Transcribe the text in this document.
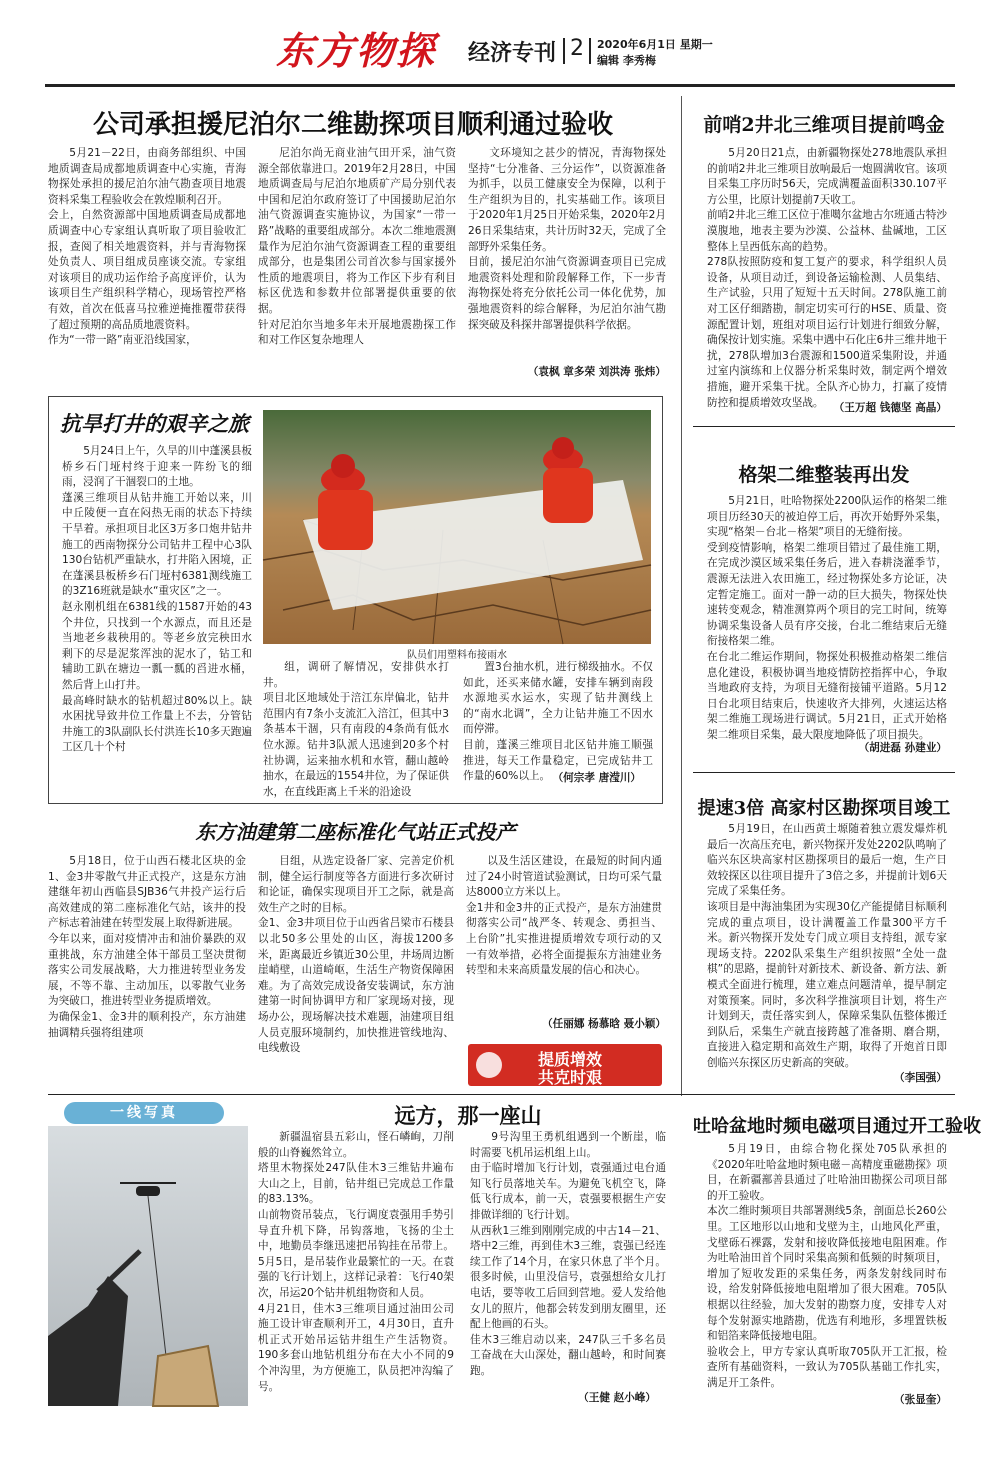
东方物探 经济专刊 2 2020年6月1日 星期一
编辑 李秀梅
公司承担援尼泊尔二维勘探项目顺利通过验收
5月21－22日，由商务部组织、中国地质调查局成都地质调查中心实施，青海物探处承担的援尼泊尔油气勘查项目地震资料采集工程验收会在敦煌顺利召开。
会上，自然资源部中国地质调查局成都地质调查中心专家组认真听取了项目验收汇报，查阅了相关地震资料，并与青海物探处负责人、项目组成员座谈交流。专家组对该项目的成功运作给予高度评价，认为该项目生产组织科学精心，现场管控严格有效，首次在低喜马拉雅逆掩推覆带获得了超过预期的高品质地震资料。
作为“一带一路”南亚沿线国家，
尼泊尔尚无商业油气田开采，油气资源全部依靠进口。2019年2月28日，中国地质调查局与尼泊尔地质矿产局分别代表中国和尼泊尔政府签订了中国援助尼泊尔油气资源调查实施协议，为国家“一带一路”战略的重要组成部分。本次二维地震测量作为尼泊尔油气资源调查工程的重要组成部分，也是集团公司首次参与国家援外性质的地震项目，将为工作区下步有利目标区优选和参数井位部署提供重要的依据。
针对尼泊尔当地多年未开展地震勘探工作和对工作区复杂地理人
文环境知之甚少的情况，青海物探处坚持“七分准备、三分运作”，以资源准备为抓手，以员工健康安全为保障，以利于生产组织为目的，扎实基础工作。该项目于2020年1月25日开始采集，2020年2月26日采集结束，共计历时32天，完成了全部野外采集任务。
目前，援尼泊尔油气资源调查项目已完成地震资料处理和阶段解释工作，下一步青海物探处将充分依托公司一体化优势，加强地震资料的综合解释，为尼泊尔油气勘探突破及科探井部署提供科学依据。
（袁枫 章多荣 刘洪涛 张炜）
前哨2井北三维项目提前鸣金
5月20日21点，由新疆物探处278地震队承担的前哨2井北三维项目放响最后一炮圆满收官。该项目采集工序历时56天，完成满覆盖面积330.107平方公里，比原计划提前7天收工。
前哨2井北三维工区位于准噶尔盆地古尔班通古特沙漠腹地，地表主要为沙漠、公益林、盐碱地，工区整体上呈西低东高的趋势。
278队按照防疫和复工复产的要求，科学组织人员设备，从项目动迁，到设备运输检测、人员集结、生产试验，只用了短短十五天时间。278队施工前对工区仔细踏勘，制定切实可行的HSE、质量、资源配置计划，班组对项目运行计划进行细致分解，确保按计划实施。采集中遇中石化庄6井三维井地干扰，278队增加3台震源和1500道采集附设，并通过室内演练和上仪器分析采集时效，制定两个增效措施，避开采集干扰。全队齐心协力，打赢了疫情防控和提质增效攻坚战。 （王万超 钱德坚 高晶）
抗旱打井的艰辛之旅
队员们用塑料布接雨水
5月24日上午，久旱的川中蓬溪县板桥乡石门垭村终于迎来一阵纷飞的细雨，浸润了干涸裂口的土地。
蓬溪三维项目从钻井施工开始以来，川中丘陵便一直在闷热无雨的状态下持续干旱着。承担项目北区3万多口炮井钻井施工的西南物探分公司钻井工程中心3队130台钻机严重缺水，打井陷入困境，正在蓬溪县板桥乡石门垭村6381测线施工的3Z16班就是缺水“重灾区”之一。
赵永刚机组在6381线的1587开始的43个井位，只找到一个水源点，而且还是当地老乡栽秧用的。等老乡放完秧田水剩下的尽是泥浆浑浊的泥水了，钻工和辅助工趴在塘边一瓢一瓢的舀进水桶，然后背上山打井。
最高峰时缺水的钻机超过80%以上。缺水困扰导致井位工作量上不去，分管钻井施工的3队副队长付洪连长10多天跑遍工区几十个村
组，调研了解情况，安排供水打井。
项目北区地域处于涪江东岸偏北，钻井范围内有7条小支流汇入涪江，但其中3条基本干涸，只有南段的4条尚有低水位水源。钻井3队派人迅速到20多个村社协调，运来抽水机和水管，翻山越岭抽水，在最远的1554井位，为了保证供水，在直线距离上千米的沿途设
置3台抽水机，进行梯级抽水。不仅如此，还买来储水罐，安排车辆到南段水源地买水运水，实现了钻井测线上的“南水北调”，全力让钻井施工不因水而停滞。
目前，蓬溪三维项目北区钻井施工顺强推进，每天工作量稳定，已完成钻井工作量的60%以上。 （何宗孝 唐滢川）
格架二维整装再出发
5月21日，吐哈物探处2200队运作的格架二维项目历经30天的被迫停工后，再次开始野外采集，实现“格架－台北－格架”项目的无缝衔接。
受到疫情影响，格架二维项目错过了最佳施工期，在完成沙漠区域采集任务后，进入春耕浇灌季节，震源无法进入农田施工，经过物探处多方论证，决定暂定施工。面对一静一动的巨大损失，物探处快速转变观念，精准测算两个项目的完工时间，统筹协调采集设备人员有序交接，台北二维结束后无缝衔接格架二维。
在台北二维运作期间，物探处积极推动格架二维信息化建设，积极协调当地疫情防控指挥中心，争取当地政府支持，为项目无缝衔接铺平道路。5月12日台北项目结束后，快速收齐大排列，火速运达格架二维施工现场进行调试。5月21日，正式开始格架二维项目采集，最大限度地降低了项目损失。
（胡进磊 孙建业）
东方油建第二座标准化气站正式投产
5月18日，位于山西石楼北区块的金1、金3井零散气井正式投产，这是东方油建继年初山西临县SJB36气井投产运行后高效建成的第二座标准化气站，该井的投产标志着油建在转型发展上取得新进展。
今年以来，面对疫情冲击和油价暴跌的双重挑战，东方油建全体干部员工坚决贯彻落实公司发展战略，大力推进转型业务发展，不等不靠、主动加压，以零散气业务为突破口，推进转型业务提质增效。
为确保金1、金3井的顺利投产，东方油建抽调精兵强将组建项
目组，从选定设备厂家、完善定价机制，健全运行制度等各方面进行多次研讨和论证，确保实现项目开工之际，就是高效生产之时的目标。
金1、金3井项目位于山西省吕梁市石楼县以北50多公里处的山区，海拔1200多米，距离最近乡镇近30公里，井场周边断崖峭壁，山道崎岖，生活生产物资保障困难。为了高效完成设备安装调试，东方油建第一时间协调甲方和厂家现场对接，现场办公，现场解决技术难题，油建项目组人员克服环境制约，加快推进管线地沟、电线敷设
以及生活区建设，在最短的时间内通过了24小时管道试验测试，日均可采气量达8000立方米以上。
金1井和金3井的正式投产，是东方油建贯彻落实公司“战严冬、转观念、勇担当、上台阶”扎实推进提质增效专项行动的又一有效举措，必将全面提振东方油建业务转型和未来高质量发展的信心和决心。
（任丽娜 杨慕晗 聂小颖）
提质增效
共克时艰
提速3倍 高家村区勘探项目竣工
5月19日，在山西黄土塬随着独立震发爆炸机最后一次高压充电，新兴物探开发处2202队鸣响了临兴东区块高家村区勘探项目的最后一炮，生产日效较探区以往项目提升了3倍之多，并提前计划6天完成了采集任务。
该项目是中海油集团为实现30亿产能提储目标顺利完成的重点项目，设计满覆盖工作量300平方千米。新兴物探开发处专门成立项目支持组，派专家现场支持。2202队采集生产组织按照“全处一盘棋”的思路，提前针对新技术、新设备、新方法、新模式全面进行梳理，建立难点问题清单，提早制定对策预案。同时，多次科学推演项目计划，将生产计划到天，责任落实到人，保障采集队伍整体搬迁到队后，采集生产就直接跨越了准备期、磨合期，直接进入稳定期和高效生产期，取得了开炮首日即创临兴东探区历史新高的突破。
（李国强）
一线写真	远方，那一座山
新疆温宿县五彩山，怪石嶙峋，刀削般的山脊巍然耸立。
塔里木物探处247队佳木3三维钻井遍布大山之上，目前，钻井组已完成总工作量的83.13%。
山前物资吊装点，飞行调度袁强用手势引导直升机下降，吊钩落地，飞扬的尘土中，地勤员李继迅速把吊钩挂在吊带上。5月5日，是吊装作业最繁忙的一天。在袁强的飞行计划上，这样记录着：飞行40架次，吊运20个钻井机组物资和人员。
4月21日，佳木3三维项目通过油田公司施工设计审查顺利开工，4月30日，直升机正式开始吊运钻井组生产生活物资。190多套山地钻机组分布在大小不同的9个冲沟里，为方便施工，队员把冲沟编了号。
9号沟里王勇机组遇到一个断崖，临时需要飞机吊运机组上山。
由于临时增加飞行计划，袁强通过电台通知飞行员落地关车。为避免飞机空飞，降低飞行成本，前一天，袁强要根据生产安排做详细的飞行计划。
从西秋1三维到刚刚完成的中古14－21、塔中2三维，再到佳木3三维，袁强已经连续工作了14个月，在家只休息了半个月。很多时候，山里没信号，袁强想给女儿打电话，要等收工后回到营地。爱人发给他女儿的照片，他都会转发到朋友圈里，还配上他画的石头。
佳木3三维启动以来，247队三千多名员工奋战在大山深处，翻山越岭，和时间赛跑。
（王健 赵小峰）
吐哈盆地时频电磁项目通过开工验收
5月19日，由综合物化探处705队承担的《2020年吐哈盆地时频电磁－高精度重磁勘探》项目，在新疆鄯善县通过了吐哈油田勘探公司项目部的开工验收。
本次二维时频项目共部署测线5条，剖面总长260公里。工区地形以山地和戈壁为主，山地风化严重，戈壁砾石裸露，发射和接收降低接地电阻困难。作为吐哈油田首个同时采集高频和低频的时频项目，增加了短收发距的采集任务，两条发射线同时布设，给发射降低接地电阻增加了很大困难。705队根据以往经验，加大发射的勘察力度，安排专人对每个发射源实地踏勘，优选有利地形，多埋置铁板和铝箔来降低接地电阻。
验收会上，甲方专家认真听取705队开工汇报，检查所有基础资料，一致认为705队基础工作扎实，满足开工条件。
（张显奎）
